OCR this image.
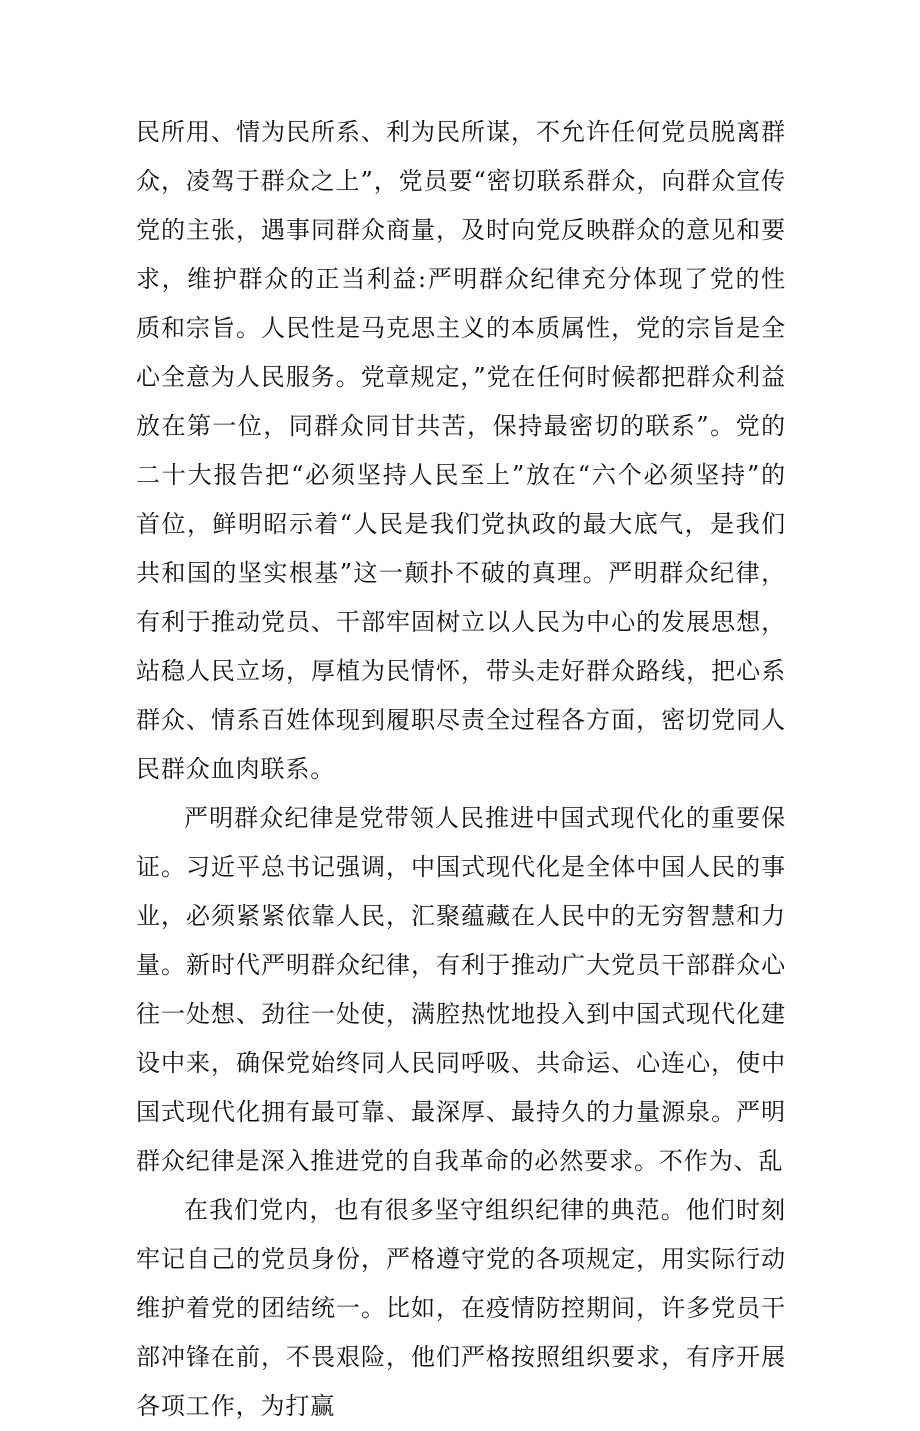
民所用、情为民所系、利为民所谋，不允许任何党员脱离群众，凌驾于群众之上”，党员要“密切联系群众，向群众宣传党的主张，遇事同群众商量，及时向党反映群众的意见和要求，维护群众的正当利益:严明群众纪律充分体现了党的性质和宗旨。人民性是马克思主义的本质属性，党的宗旨是全心全意为人民服务。党章规定，”党在任何时候都把群众利益放在第一位，同群众同甘共苦，保持最密切的联系”。党的二十大报告把“必须坚持人民至上”放在“六个必须坚持”的首位，鲜明昭示着“人民是我们党执政的最大底气，是我们共和国的坚实根基”这一颠扑不破的真理。严明群众纪律，有利于推动党员、干部牢固树立以人民为中心的发展思想，站稳人民立场，厚植为民情怀，带头走好群众路线，把心系群众、情系百姓体现到履职尽责全过程各方面，密切党同人民群众血肉联系。

严明群众纪律是党带领人民推进中国式现代化的重要保证。习近平总书记强调，中国式现代化是全体中国人民的事业，必须紧紧依靠人民，汇聚蕴藏在人民中的无穷智慧和力量。新时代严明群众纪律，有利于推动广大党员干部群众心往一处想、劲往一处使，满腔热忱地投入到中国式现代化建设中来，确保党始终同人民同呼吸、共命运、心连心，使中国式现代化拥有最可靠、最深厚、最持久的力量源泉。严明群众纪律是深入推进党的自我革命的必然要求。不作为、乱

在我们党内，也有很多坚守组织纪律的典范。他们时刻牢记自己的党员身份，严格遵守党的各项规定，用实际行动维护着党的团结统一。比如，在疫情防控期间，许多党员干部冲锋在前，不畏艰险，他们严格按照组织要求，有序开展各项工作，为打赢
